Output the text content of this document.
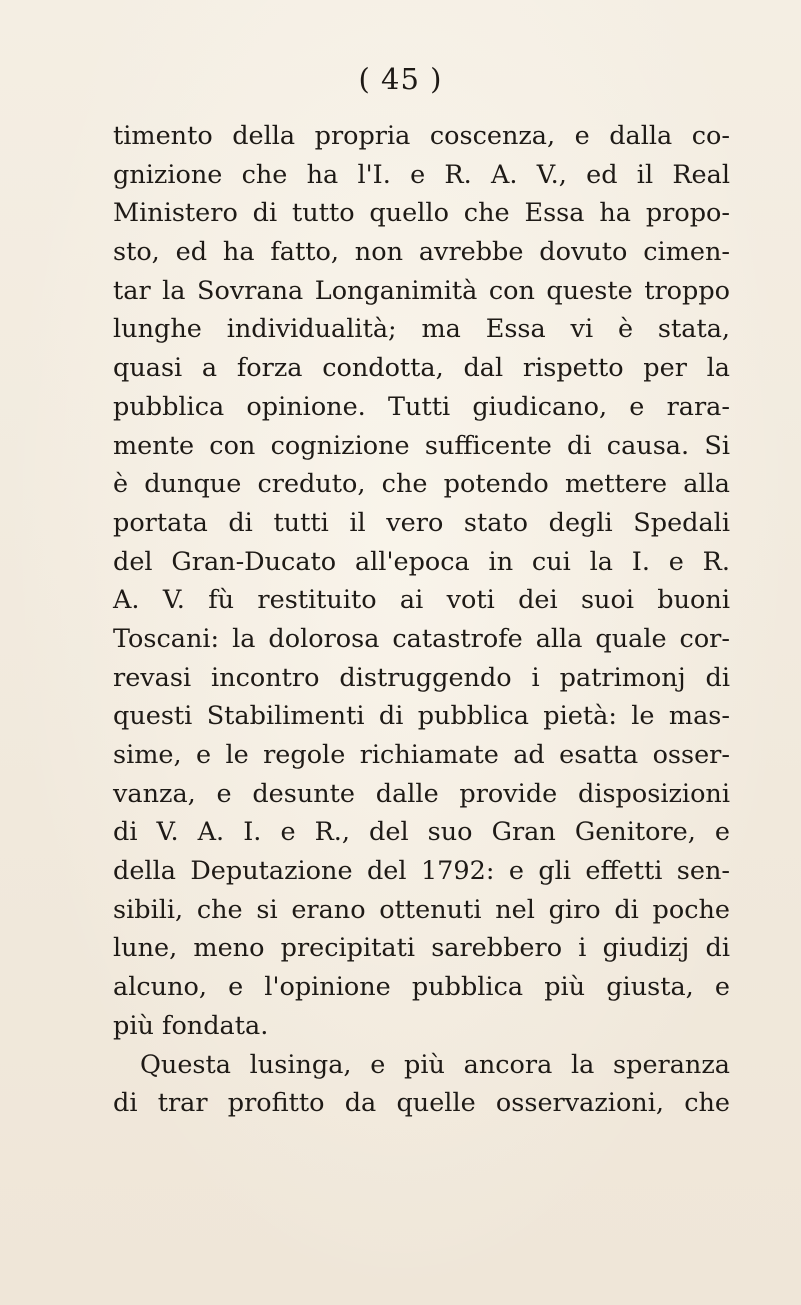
( 45 )
timento della propria coscenza, e dalla co-
gnizione che ha l'I. e R. A. V., ed il Real
Ministero di tutto quello che Essa ha propo-
sto, ed ha fatto, non avrebbe dovuto cimen-
tar la Sovrana Longanimità con queste troppo
lunghe individualità; ma Essa vi è stata,
quasi a forza condotta, dal rispetto per la
pubblica opinione. Tutti giudicano, e rara-
mente con cognizione sufficente di causa. Si
è dunque creduto, che potendo mettere alla
portata di tutti il vero stato degli Spedali
del Gran-Ducato all'epoca in cui la I. e R.
A. V. fù restituito ai voti dei suoi buoni
Toscani: la dolorosa catastrofe alla quale cor-
revasi incontro distruggendo i patrimonj di
questi Stabilimenti di pubblica pietà: le mas-
sime, e le regole richiamate ad esatta osser-
vanza, e desunte dalle provide disposizioni
di V. A. I. e R., del suo Gran Genitore, e
della Deputazione del 1792: e gli effetti sen-
sibili, che si erano ottenuti nel giro di poche
lune, meno precipitati sarebbero i giudizj di
alcuno, e l'opinione pubblica più giusta, e
più fondata.
Questa lusinga, e più ancora la speranza
di trar profitto da quelle osservazioni, che
